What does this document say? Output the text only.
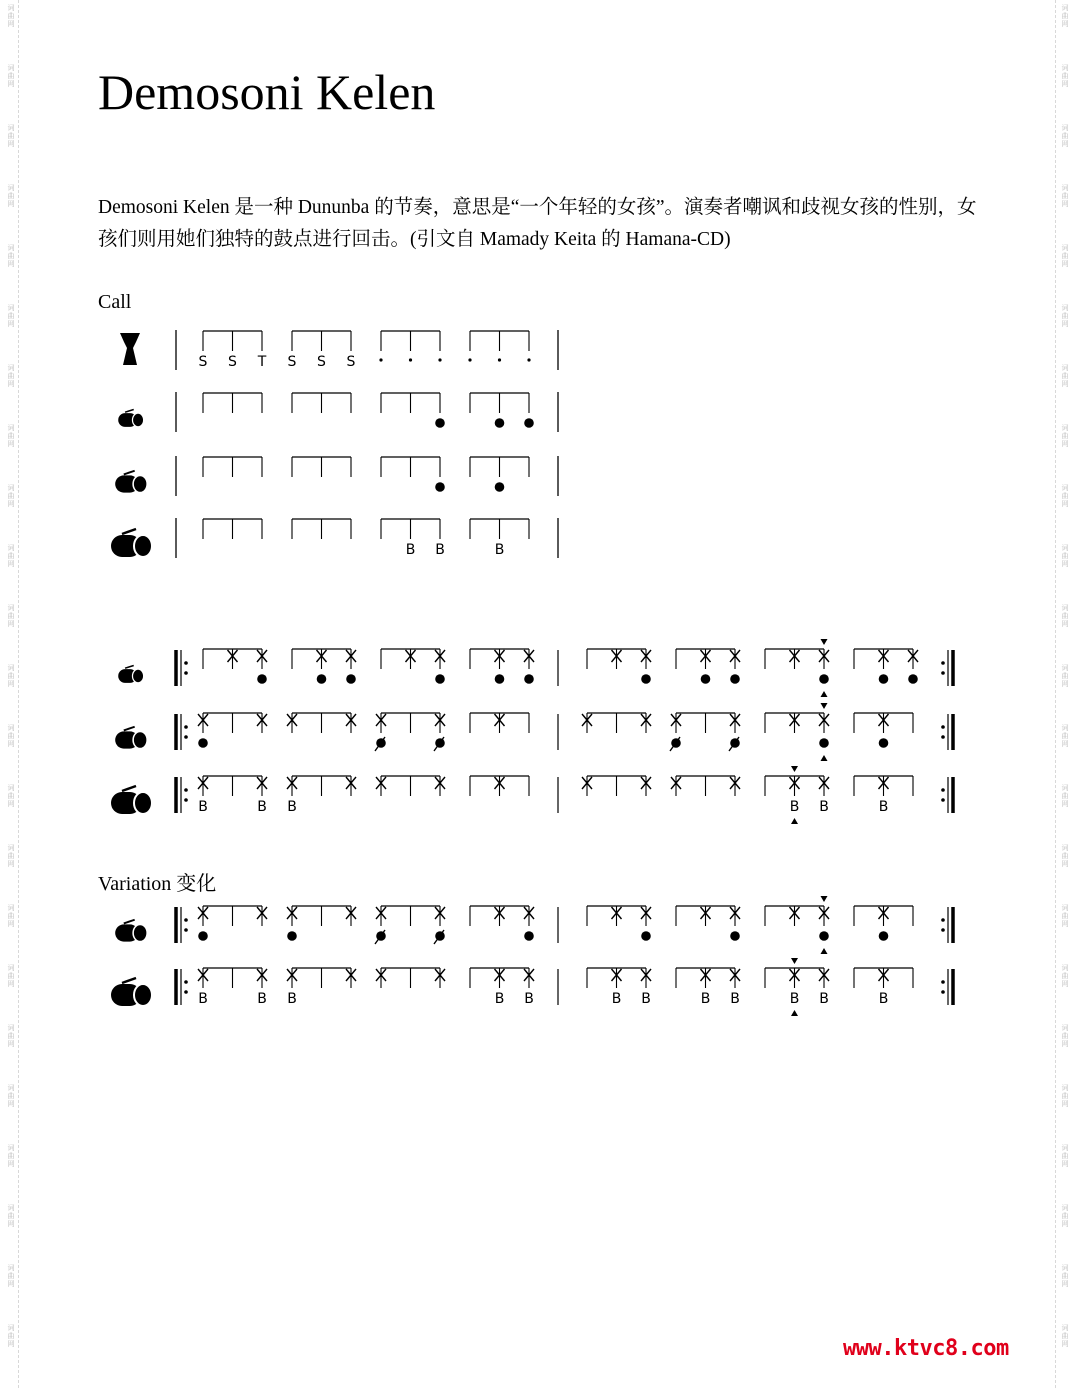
词
曲
网
词
曲
网
词
曲
网
词
曲
网
词
曲
网
词
曲
网
词
曲
网
词
曲
网
词
曲
网
词
曲
网
词
曲
网
词
曲
网
词
曲
网
词
曲
网
词
曲
网
词
曲
网
词
曲
网
词
曲
网
词
曲
网
词
曲
网
词
曲
网
词
曲
网
词
曲
网
词
曲
网
词
曲
网
词
曲
网
词
曲
网
词
曲
网
词
曲
网
词
曲
网
词
曲
网
词
曲
网
词
曲
网
词
曲
网
词
曲
网
词
曲
网
词
曲
网
词
曲
网
词
曲
网
词
曲
网
词
曲
网
词
曲
网
词
曲
网
词
曲
网
词
曲
网
词
曲
网
Demosoni Kelen

Demosoni Kelen 是一种 Dununba 的节奏，意思是“一个年轻的女孩”。演奏者嘲讽和歧视女孩的性别，女孩们则用她们独特的鼓点进行回击。(引文自 Mamady Keita 的 Hamana-CD)

Call
Variation 变化
S S T S S S
B B	B
B	B B	B B	B
B	B B	B B	B B	B B	B B	B
www.ktvc8.com
